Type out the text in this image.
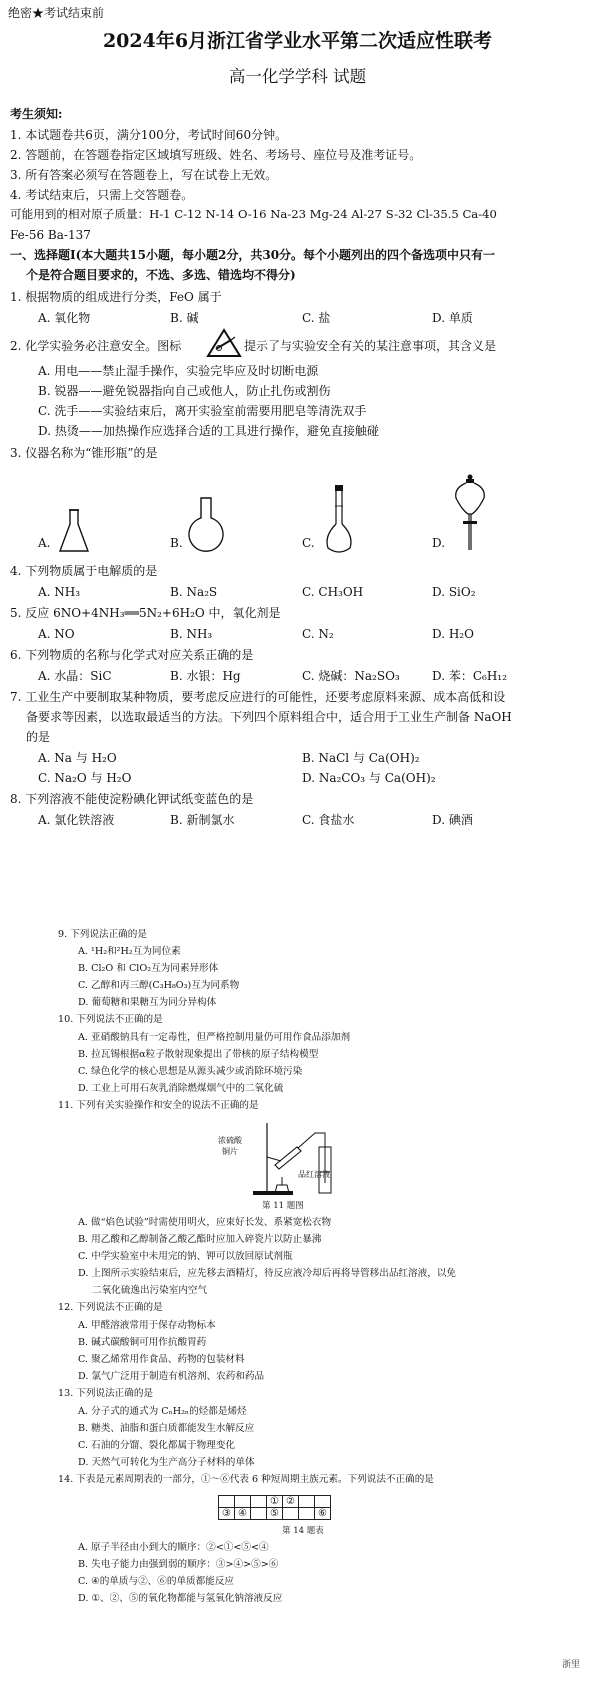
绝密★考试结束前
2024年6月浙江省学业水平第二次适应性联考
高一化学学科 试题
考生须知:
1. 本试题卷共6页，满分100分，考试时间60分钟。
2. 答题前，在答题卷指定区域填写班级、姓名、考场号、座位号及准考证号。
3. 所有答案必须写在答题卷上，写在试卷上无效。
4. 考试结束后，只需上交答题卷。
可能用到的相对原子质量：H-1 C-12 N-14 O-16 Na-23 Mg-24 Al-27 S-32 Cl-35.5 Ca-40
Fe-56 Ba-137
一、选择题Ⅰ(本大题共15小题，每小题2分，共30分。每个小题列出的四个备选项中只有一
个是符合题目要求的，不选、多选、错选均不得分)
1. 根据物质的组成进行分类，FeO 属于
A. 氧化物	B. 碱	C. 盐	D. 单质
2. 化学实验务必注意安全。图标	提示了与实验安全有关的某注意事项，其含义是
A. 用电——禁止湿手操作，实验完毕应及时切断电源
B. 锐器——避免锐器指向自己或他人，防止扎伤或割伤
C. 洗手——实验结束后，离开实验室前需要用肥皂等清洗双手
D. 热烫——加热操作应选择合适的工具进行操作，避免直接触碰
3. 仪器名称为“锥形瓶”的是
A.	B.	C.	D.
4. 下列物质属于电解质的是
A. NH₃	B. Na₂S	C. CH₃OH	D. SiO₂
5. 反应 6NO+4NH₃══5N₂+6H₂O 中，氧化剂是
A. NO	B. NH₃	C. N₂	D. H₂O
6. 下列物质的名称与化学式对应关系正确的是
A. 水晶：SiC	B. 水银：Hg	C. 烧碱：Na₂SO₃	D. 苯：C₆H₁₂
7. 工业生产中要制取某种物质，要考虑反应进行的可能性，还要考虑原料来源、成本高低和设
备要求等因素，以选取最适当的方法。下列四个原料组合中，适合用于工业生产制备 NaOH
的是
A. Na 与 H₂O	B. NaCl 与 Ca(OH)₂
C. Na₂O 与 H₂O	D. Na₂CO₃ 与 Ca(OH)₂
8. 下列溶液不能使淀粉碘化钾试纸变蓝色的是
A. 氯化铁溶液	B. 新制氯水	C. 食盐水	D. 碘酒
9. 下列说法正确的是
A. ¹H₂和²H₂互为同位素
B. Cl₂O 和 ClO₂互为同素异形体
C. 乙醇和丙三醇(C₃H₈O₃)互为同系物
D. 葡萄糖和果糖互为同分异构体
10. 下列说法不正确的是
A. 亚硝酸钠具有一定毒性，但严格控制用量仍可用作食品添加剂
B. 拉瓦锡根据α粒子散射现象提出了带核的原子结构模型
C. 绿色化学的核心思想是从源头减少或消除环境污染
D. 工业上可用石灰乳消除燃煤烟气中的二氧化硫
11. 下列有关实验操作和安全的说法不正确的是
浓硫酸
铜片
品红溶液
第 11 题图
A. 做“焰色试验”时需使用明火，应束好长发、系紧宽松衣物
B. 用乙酸和乙醇制备乙酸乙酯时应加入碎瓷片以防止暴沸
C. 中学实验室中未用完的钠、钾可以放回原试剂瓶
D. 上图所示实验结束后，应先移去酒精灯，待反应液冷却后再将导管移出品红溶液，以免
二氧化硫逸出污染室内空气
12. 下列说法不正确的是
A. 甲醛溶液常用于保存动物标本
B. 碱式碳酸铜可用作抗酸胃药
C. 聚乙烯常用作食品、药物的包装材料
D. 氯气广泛用于制造有机溶剂、农药和药品
13. 下列说法正确的是
A. 分子式的通式为 CₙH₂ₙ的烃都是烯烃
B. 糖类、油脂和蛋白质都能发生水解反应
C. 石油的分馏、裂化都属于物理变化
D. 天然气可转化为生产高分子材料的单体
14. 下表是元素周期表的一部分，①～⑥代表 6 种短周期主族元素。下列说法不正确的是
			①	②		
③	④		⑤			⑥
第 14 题表
A. 原子半径由小到大的顺序：②<①<⑤<④
B. 失电子能力由强到弱的顺序：③>④>⑤>⑥
C. ④的单质与②、⑥的单质都能反应
D. ①、②、⑤的氧化物都能与氢氧化钠溶液反应
浙里
